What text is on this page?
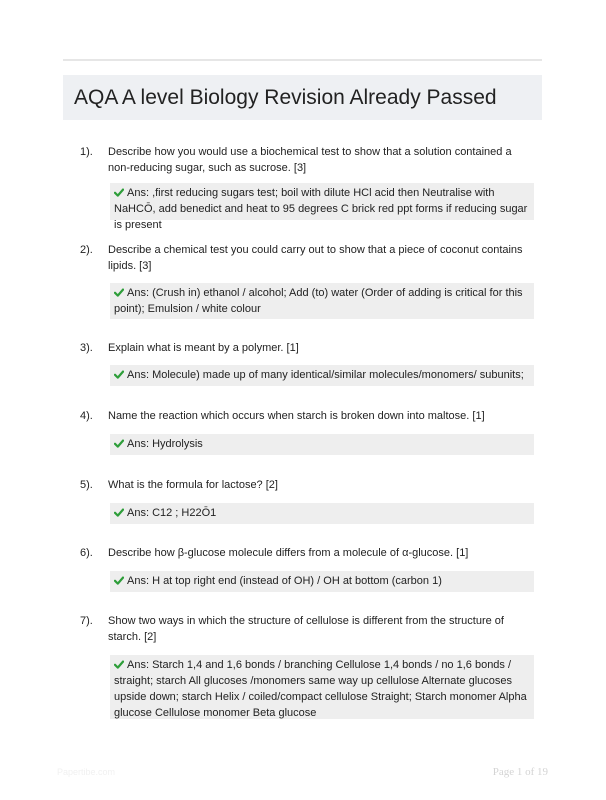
AQA A level Biology Revision Already Passed
1). Describe how you would use a biochemical test to show that a solution contained a non-reducing sugar, such as sucrose. [3]
Ans: ,first reducing sugars test; boil with dilute HCl acid then Neutralise with NaHCŌ, add benedict and heat to 95 degrees C brick red ppt forms if reducing sugar is present
2). Describe a chemical test you could carry out to show that a piece of coconut contains lipids. [3]
Ans: (Crush in) ethanol / alcohol; Add (to) water (Order of adding is critical for this point); Emulsion / white colour
3). Explain what is meant by a polymer. [1]
Ans: Molecule) made up of many identical/similar molecules/monomers/ subunits;
4). Name the reaction which occurs when starch is broken down into maltose. [1]
Ans: Hydrolysis
5). What is the formula for lactose? [2]
Ans: C12 ; H22Ō1
6). Describe how β-glucose molecule differs from a molecule of α-glucose. [1]
Ans: H at top right end (instead of OH) / OH at bottom (carbon 1)
7). Show two ways in which the structure of cellulose is different from the structure of starch. [2]
Ans: Starch 1,4 and 1,6 bonds / branching Cellulose 1,4 bonds / no 1,6 bonds / straight; starch All glucoses /monomers same way up cellulose Alternate glucoses upside down; starch Helix / coiled/compact cellulose Straight; Starch monomer Alpha glucose Cellulose monomer Beta glucose
Papertibe.com	Page 1 of 19
